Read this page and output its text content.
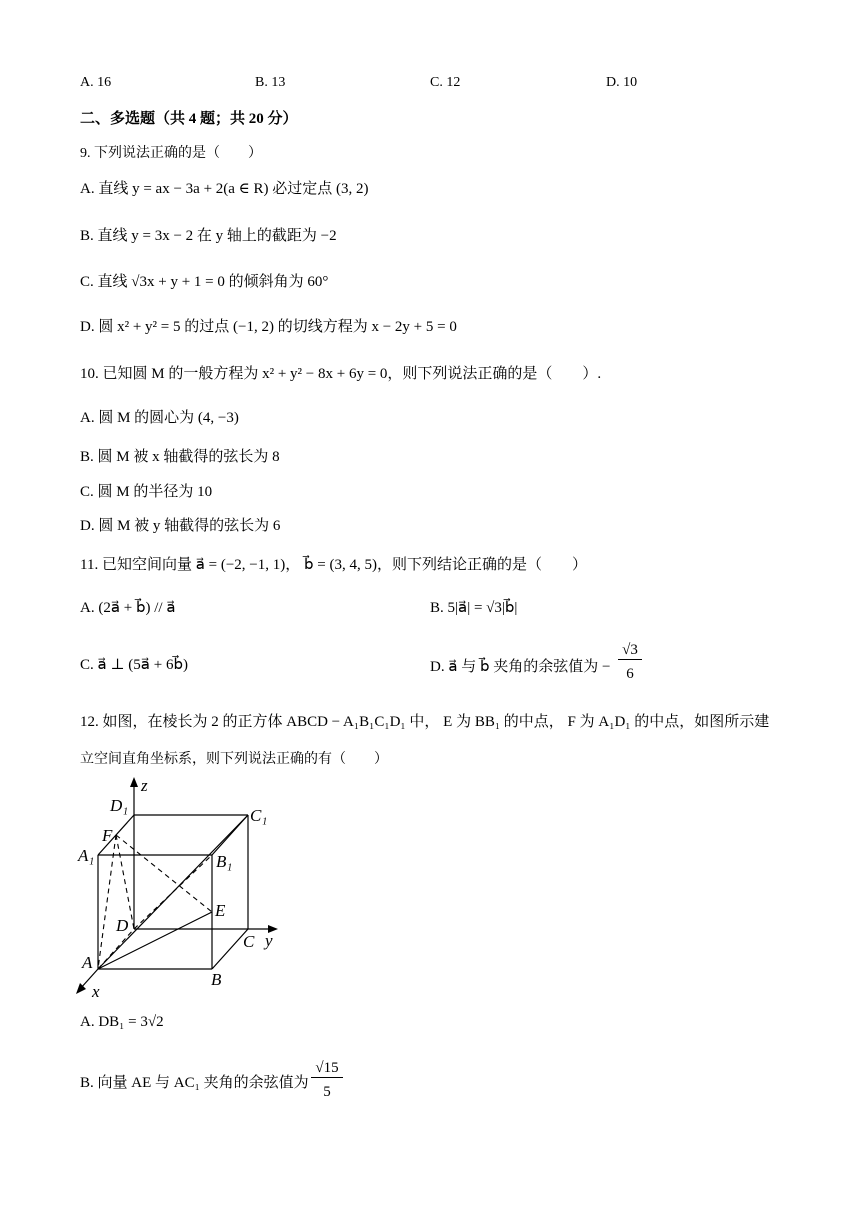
A. 16	B. 13	C. 12	D. 10
二、多选题（共 4 题；共 20 分）
9. 下列说法正确的是（　　）
A. 直线 y = ax − 3a + 2(a ∈ R) 必过定点 (3, 2)
B. 直线 y = 3x − 2 在 y 轴上的截距为 −2
C. 直线 √3x + y + 1 = 0 的倾斜角为 60°
D. 圆 x² + y² = 5 的过点 (−1, 2) 的切线方程为 x − 2y + 5 = 0
10. 已知圆 M 的一般方程为 x² + y² − 8x + 6y = 0，则下列说法正确的是（　　）.
A. 圆 M 的圆心为 (4, −3)
B. 圆 M 被 x 轴截得的弦长为 8
C. 圆 M 的半径为 10
D. 圆 M 被 y 轴截得的弦长为 6
11. 已知空间向量 a⃗ = (−2, −1, 1)， b⃗ = (3, 4, 5)，则下列结论正确的是（　　）
A. (2a⃗ + b⃗) // a⃗	B. 5|a⃗| = √3|b⃗|
C. a⃗ ⊥ (5a⃗ + 6b⃗)	D. a⃗ 与 b⃗ 夹角的余弦值为 −
√3
6
12. 如图，在棱长为 2 的正方体 ABCD − A₁B₁C₁D₁ 中， E 为 BB₁ 的中点， F 为 A₁D₁ 的中点，如图所示建
立空间直角坐标系，则下列说法正确的有（　　）
z
y
x
D₁
C₁
F
A₁	B₁
E
D
C
A
B
A. DB₁ = 3√2
B. 向量 AE 与 AC₁ 夹角的余弦值为
√15
5
